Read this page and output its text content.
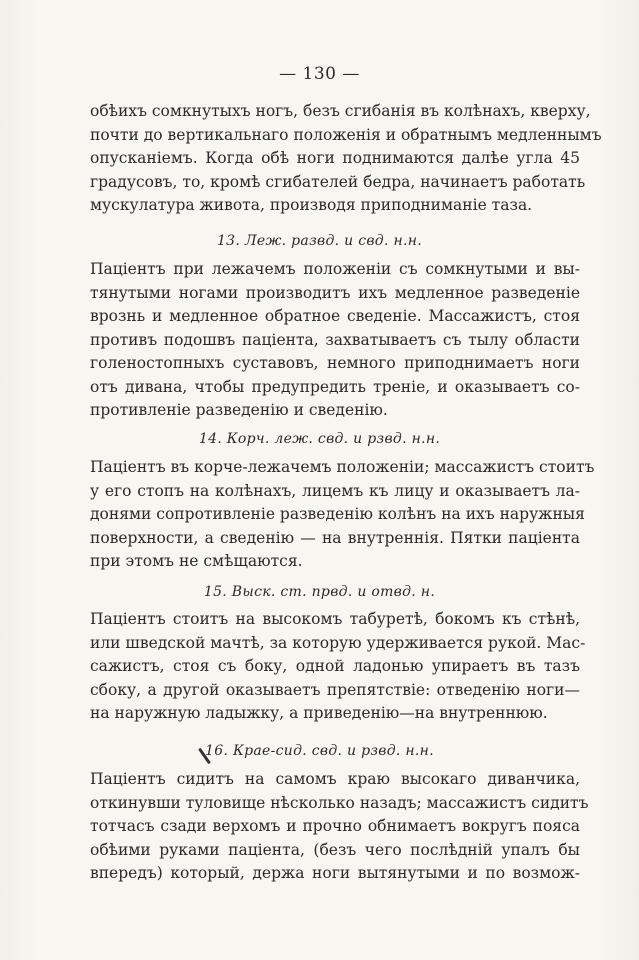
— 130 —
обѣихъ сомкнутыхъ ногъ, безъ сгибанія въ колѣнахъ, кверху,
почти до вертикальнаго положенія и обратнымъ медленнымъ
опусканіемъ. Когда обѣ ноги поднимаются далѣе угла 45
градусовъ, то, кромѣ сгибателей бедра, начинаетъ работать
мускулатура живота, производя приподниманіе таза.
13. Леж. развд. и свд. н.н.
Паціентъ при лежачемъ положеніи съ сомкнутыми и вы-
тянутыми ногами производитъ ихъ медленное разведеніе
врознь и медленное обратное сведеніе. Массажистъ, стоя
противъ подошвъ паціента, захватываетъ съ тылу области
голеностопныхъ суставовъ, немного приподнимаетъ ноги
отъ дивана, чтобы предупредить треніе, и оказываетъ со-
противленіе разведенію и сведенію.
14. Корч. леж. свд. и рзвд. н.н.
Паціентъ въ корче-лежачемъ положеніи; массажистъ стоитъ
у его стопъ на колѣнахъ, лицемъ къ лицу и оказываетъ ла-
донями сопротивленіе разведенію колѣнъ на ихъ наружныя
поверхности, а сведенію — на внутреннія. Пятки паціента
при этомъ не смѣщаются.
15. Выск. ст. првд. и отвд. н.
Паціентъ стоитъ на высокомъ табуретѣ, бокомъ къ стѣнѣ,
или шведской мачтѣ, за которую удерживается рукой. Мас-
сажистъ, стоя съ боку, одной ладонью упираетъ въ тазъ
сбоку, а другой оказываетъ препятствіе: отведенію ноги—
на наружную ладыжку, а приведенію—на внутреннюю.
16. Крае-сид. свд. и рзвд. н.н.
Паціентъ сидитъ на самомъ краю высокаго диванчика,
откинувши туловище нѣсколько назадъ; массажистъ сидитъ
тотчасъ сзади верхомъ и прочно обнимаетъ вокругъ пояса
обѣими руками паціента, (безъ чего послѣдній упалъ бы
впередъ) который, держа ноги вытянутыми и по возмож-
